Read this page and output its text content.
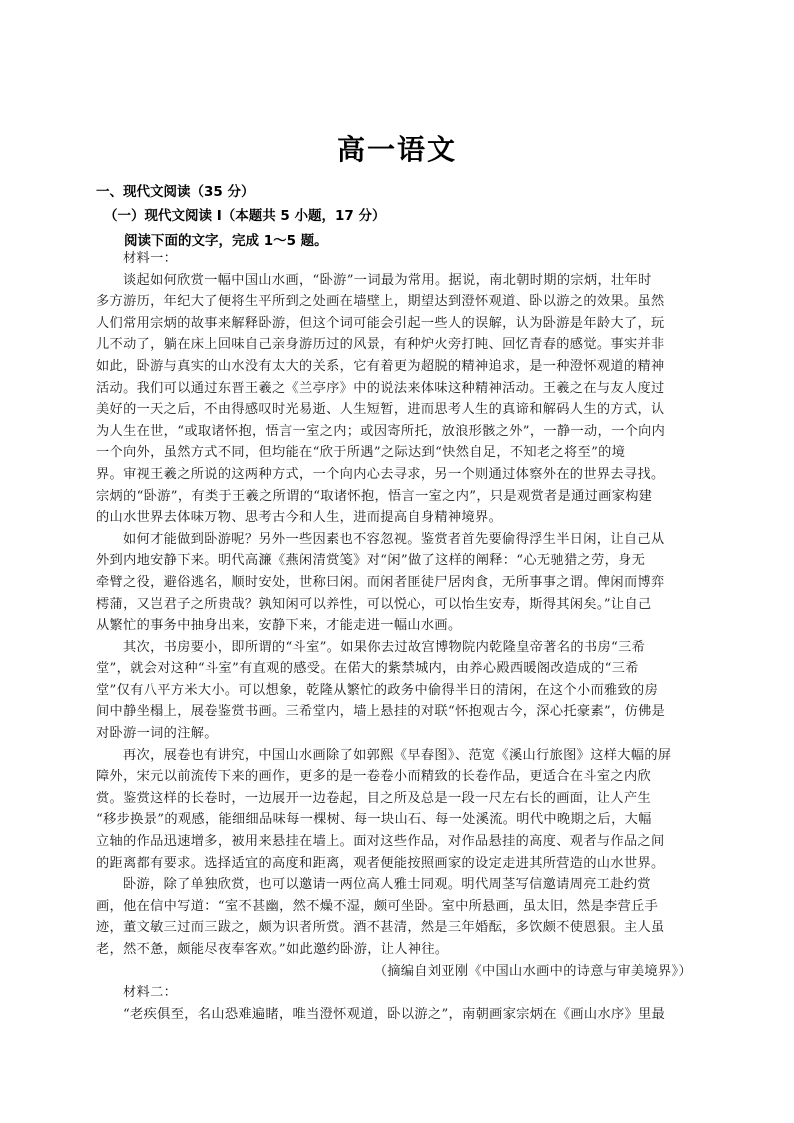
高一语文
一、现代文阅读（35 分）
（一）现代文阅读 I（本题共 5 小题，17 分）
阅读下面的文字，完成 1～5 题。
材料一：
谈起如何欣赏一幅中国山水画，“卧游”一词最为常用。据说，南北朝时期的宗炳，壮年时
多方游历，年纪大了便将生平所到之处画在墙壁上，期望达到澄怀观道、卧以游之的效果。虽然
人们常用宗炳的故事来解释卧游，但这个词可能会引起一些人的误解，认为卧游是年龄大了，玩
儿不动了，躺在床上回味自己亲身游历过的风景，有种炉火旁打盹、回忆青春的感觉。事实并非
如此，卧游与真实的山水没有太大的关系，它有着更为超脱的精神追求，是一种澄怀观道的精神
活动。我们可以通过东晋王羲之《兰亭序》中的说法来体味这种精神活动。王羲之在与友人度过
美好的一天之后，不由得感叹时光易逝、人生短暂，进而思考人生的真谛和解码人生的方式，认
为人生在世，“或取诸怀抱，悟言一室之内；或因寄所托，放浪形骸之外”，一静一动，一个向内
一个向外，虽然方式不同，但均能在“欣于所遇”之际达到“快然自足，不知老之将至”的境
界。审视王羲之所说的这两种方式，一个向内心去寻求，另一个则通过体察外在的世界去寻找。
宗炳的“卧游”，有类于王羲之所谓的“取诸怀抱，悟言一室之内”，只是观赏者是通过画家构建
的山水世界去体味万物、思考古今和人生，进而提高自身精神境界。
如何才能做到卧游呢？另外一些因素也不容忽视。鉴赏者首先要偷得浮生半日闲，让自己从
外到内地安静下来。明代高濂《燕闲清赏笺》对“闲”做了这样的阐释：“心无驰猎之劳，身无
牵臂之役，避俗逃名，顺时安处，世称曰闲。而闲者匪徒尸居肉食，无所事事之谓。俾闲而博弈
樗蒲，又岂君子之所贵哉？孰知闲可以养性，可以悦心，可以怡生安寿，斯得其闲矣。”让自己
从繁忙的事务中抽身出来，安静下来，才能走进一幅山水画。
其次，书房要小，即所谓的“斗室”。如果你去过故宫博物院内乾隆皇帝著名的书房“三希
堂”，就会对这种“斗室”有直观的感受。在偌大的紫禁城内，由养心殿西暖阁改造成的“三希
堂”仅有八平方米大小。可以想象，乾隆从繁忙的政务中偷得半日的清闲，在这个小而雅致的房
间中静坐榻上，展卷鉴赏书画。三希堂内，墙上悬挂的对联“怀抱观古今，深心托豪素”，仿佛是
对卧游一词的注解。
再次，展卷也有讲究，中国山水画除了如郭熙《早春图》、范宽《溪山行旅图》这样大幅的屏
障外，宋元以前流传下来的画作，更多的是一卷卷小而精致的长卷作品，更适合在斗室之内欣
赏。鉴赏这样的长卷时，一边展开一边卷起，目之所及总是一段一尺左右长的画面，让人产生
“移步换景”的观感，能细细品味每一棵树、每一块山石、每一处溪流。明代中晚期之后，大幅
立轴的作品迅速增多，被用来悬挂在墙上。面对这些作品，对作品悬挂的高度、观者与作品之间
的距离都有要求。选择适宜的高度和距离，观者便能按照画家的设定走进其所营造的山水世界。
卧游，除了单独欣赏，也可以邀请一两位高人雅士同观。明代周茎写信邀请周亮工赴约赏
画，他在信中写道：“室不甚幽，然不燥不湿，颇可坐卧。室中所悬画，虽太旧，然是李营丘手
迹，董文敏三过而三跋之，颇为识者所赏。酒不甚清，然是三年婚酝，多饮颇不使恩狠。主人虽
老，然不惫，颇能尽夜奉客欢。”如此邀约卧游，让人神往。
（摘编自刘亚刚《中国山水画中的诗意与审美境界》）
材料二：
“老疾俱至，名山恐难遍睹，唯当澄怀观道，卧以游之”，南朝画家宗炳在《画山水序》里最
